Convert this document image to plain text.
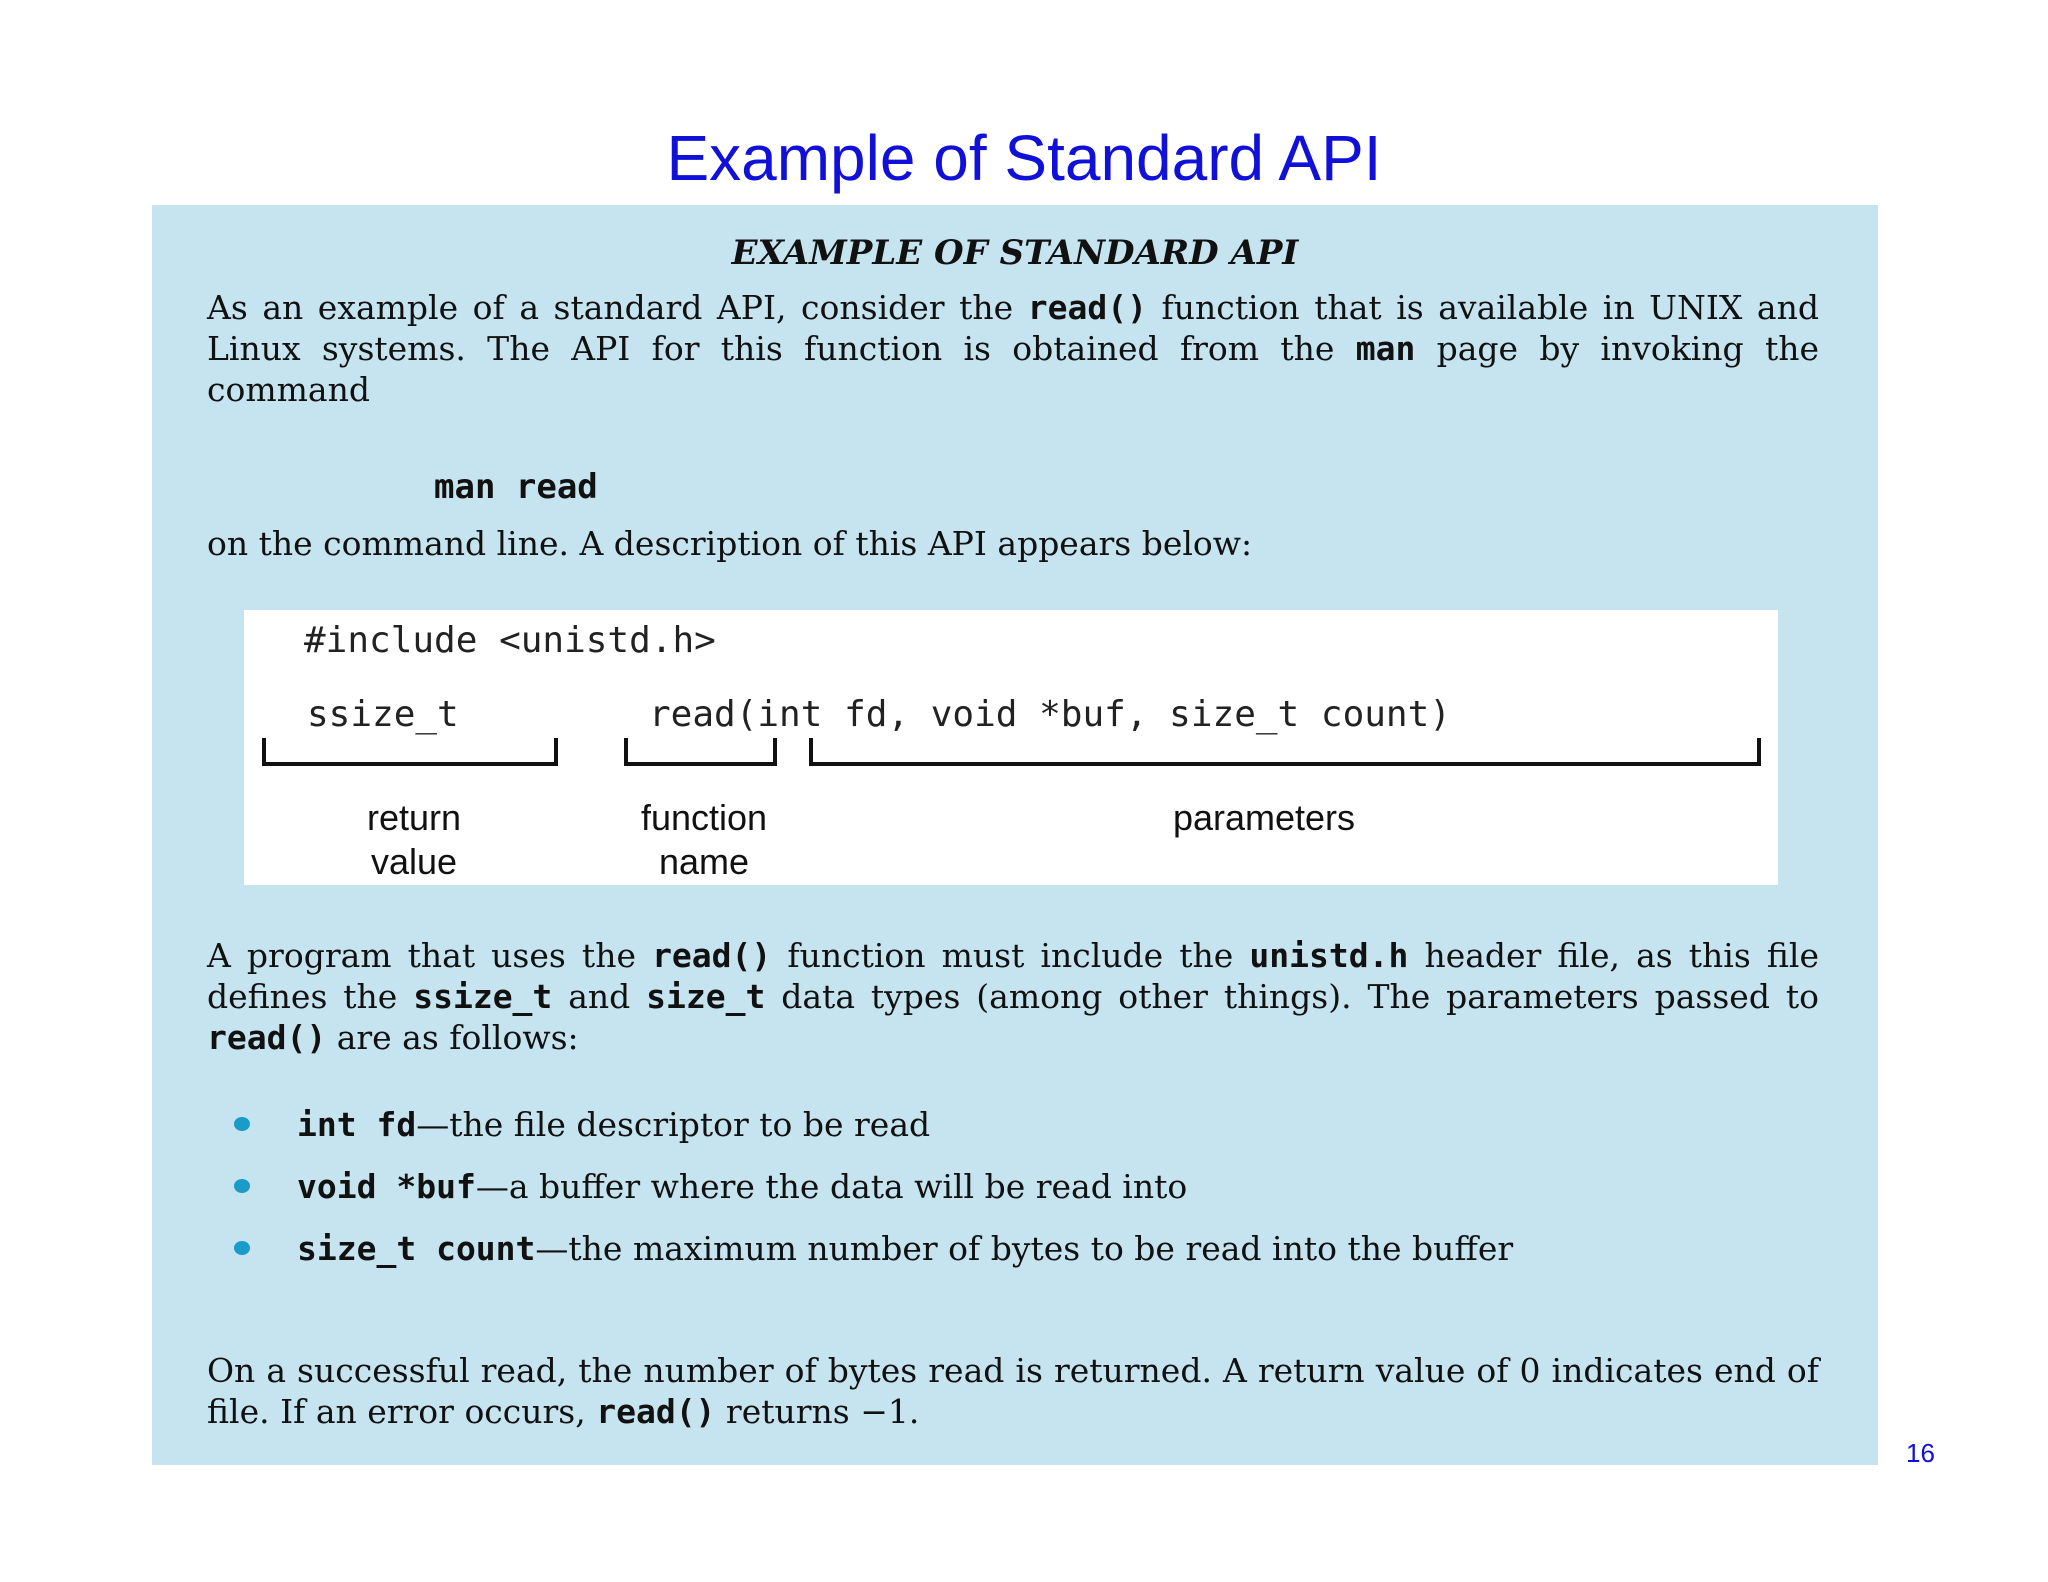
Example of Standard API
EXAMPLE OF STANDARD API
As an example of a standard API, consider the read() function that is available in UNIX and Linux systems. The API for this function is obtained from the man page by invoking the command
man read
on the command line. A description of this API appears below:
#include <unistd.h>
ssize_t	read(int fd, void *buf, size_t count)
return
value
function
name
parameters
A program that uses the read() function must include the unistd.h header file, as this file defines the ssize_t and size_t data types (among other things). The parameters passed to read() are as follows:
int fd—the file descriptor to be read
void *buf—a buffer where the data will be read into
size_t count—the maximum number of bytes to be read into the buffer
On a successful read, the number of bytes read is returned. A return value of 0 indicates end of file. If an error occurs, read() returns −1.
16
